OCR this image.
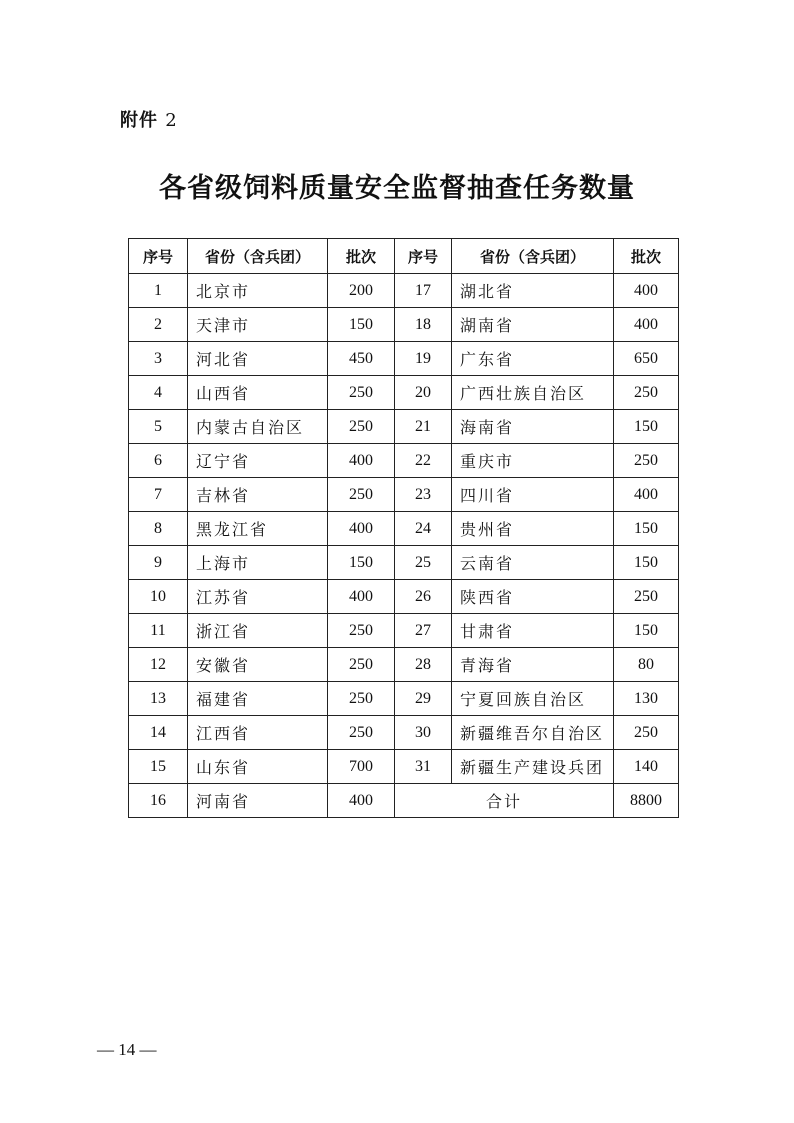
附件 2
各省级饲料质量安全监督抽查任务数量
序号	省份（含兵团）	批次	序号	省份（含兵团）	批次
1	北京市	200	17	湖北省	400
2	天津市	150	18	湖南省	400
3	河北省	450	19	广东省	650
4	山西省	250	20	广西壮族自治区	250
5	内蒙古自治区	250	21	海南省	150
6	辽宁省	400	22	重庆市	250
7	吉林省	250	23	四川省	400
8	黑龙江省	400	24	贵州省	150
9	上海市	150	25	云南省	150
10	江苏省	400	26	陕西省	250
11	浙江省	250	27	甘肃省	150
12	安徽省	250	28	青海省	80
13	福建省	250	29	宁夏回族自治区	130
14	江西省	250	30	新疆维吾尔自治区	250
15	山东省	700	31	新疆生产建设兵团	140
16	河南省	400	合计		8800
— 14 —
